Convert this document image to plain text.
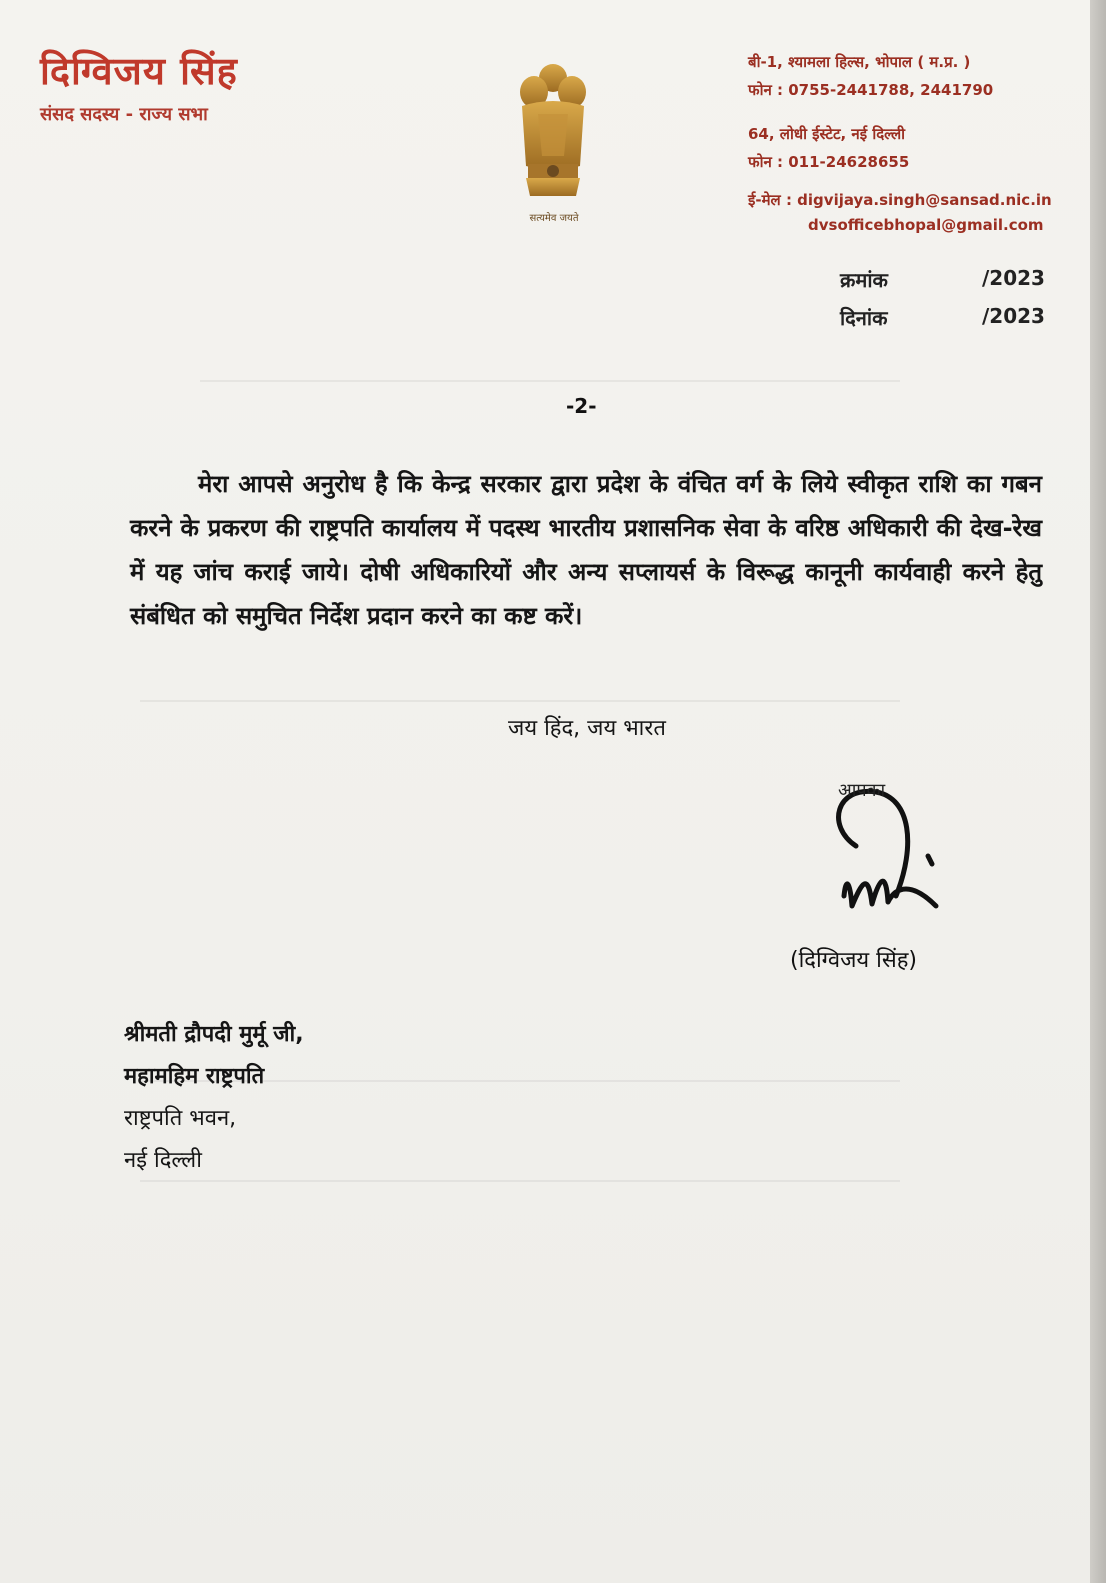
दिग्विजय सिंह
संसद सदस्य - राज्य सभा
सत्यमेव जयते
बी-1, श्यामला हिल्स, भोपाल ( म.प्र. )
फोन : 0755-2441788, 2441790
64, लोधी ईस्टेट, नई दिल्ली
फोन : 011-24628655
ई-मेल : digvijaya.singh@sansad.nic.in
dvsofficebhopal@gmail.com
क्रमांक	/2023
दिनांक	/2023
-2-
मेरा आपसे अनुरोध है कि केन्द्र सरकार द्वारा प्रदेश के वंचित वर्ग के लिये स्वीकृत राशि का गबन करने के प्रकरण की राष्ट्रपति कार्यालय में पदस्थ भारतीय प्रशासनिक सेवा के वरिष्ठ अधिकारी की देख-रेख में यह जांच कराई जाये। दोषी अधिकारियों और अन्य सप्लायर्स के विरूद्ध कानूनी कार्यवाही करने हेतु संबंधित को समुचित निर्देश प्रदान करने का कष्ट करें।
जय हिंद, जय भारत
आपका
(दिग्विजय सिंह)
श्रीमती द्रौपदी मुर्मू जी,
महामहिम राष्ट्रपति
राष्ट्रपति भवन,
नई दिल्ली
